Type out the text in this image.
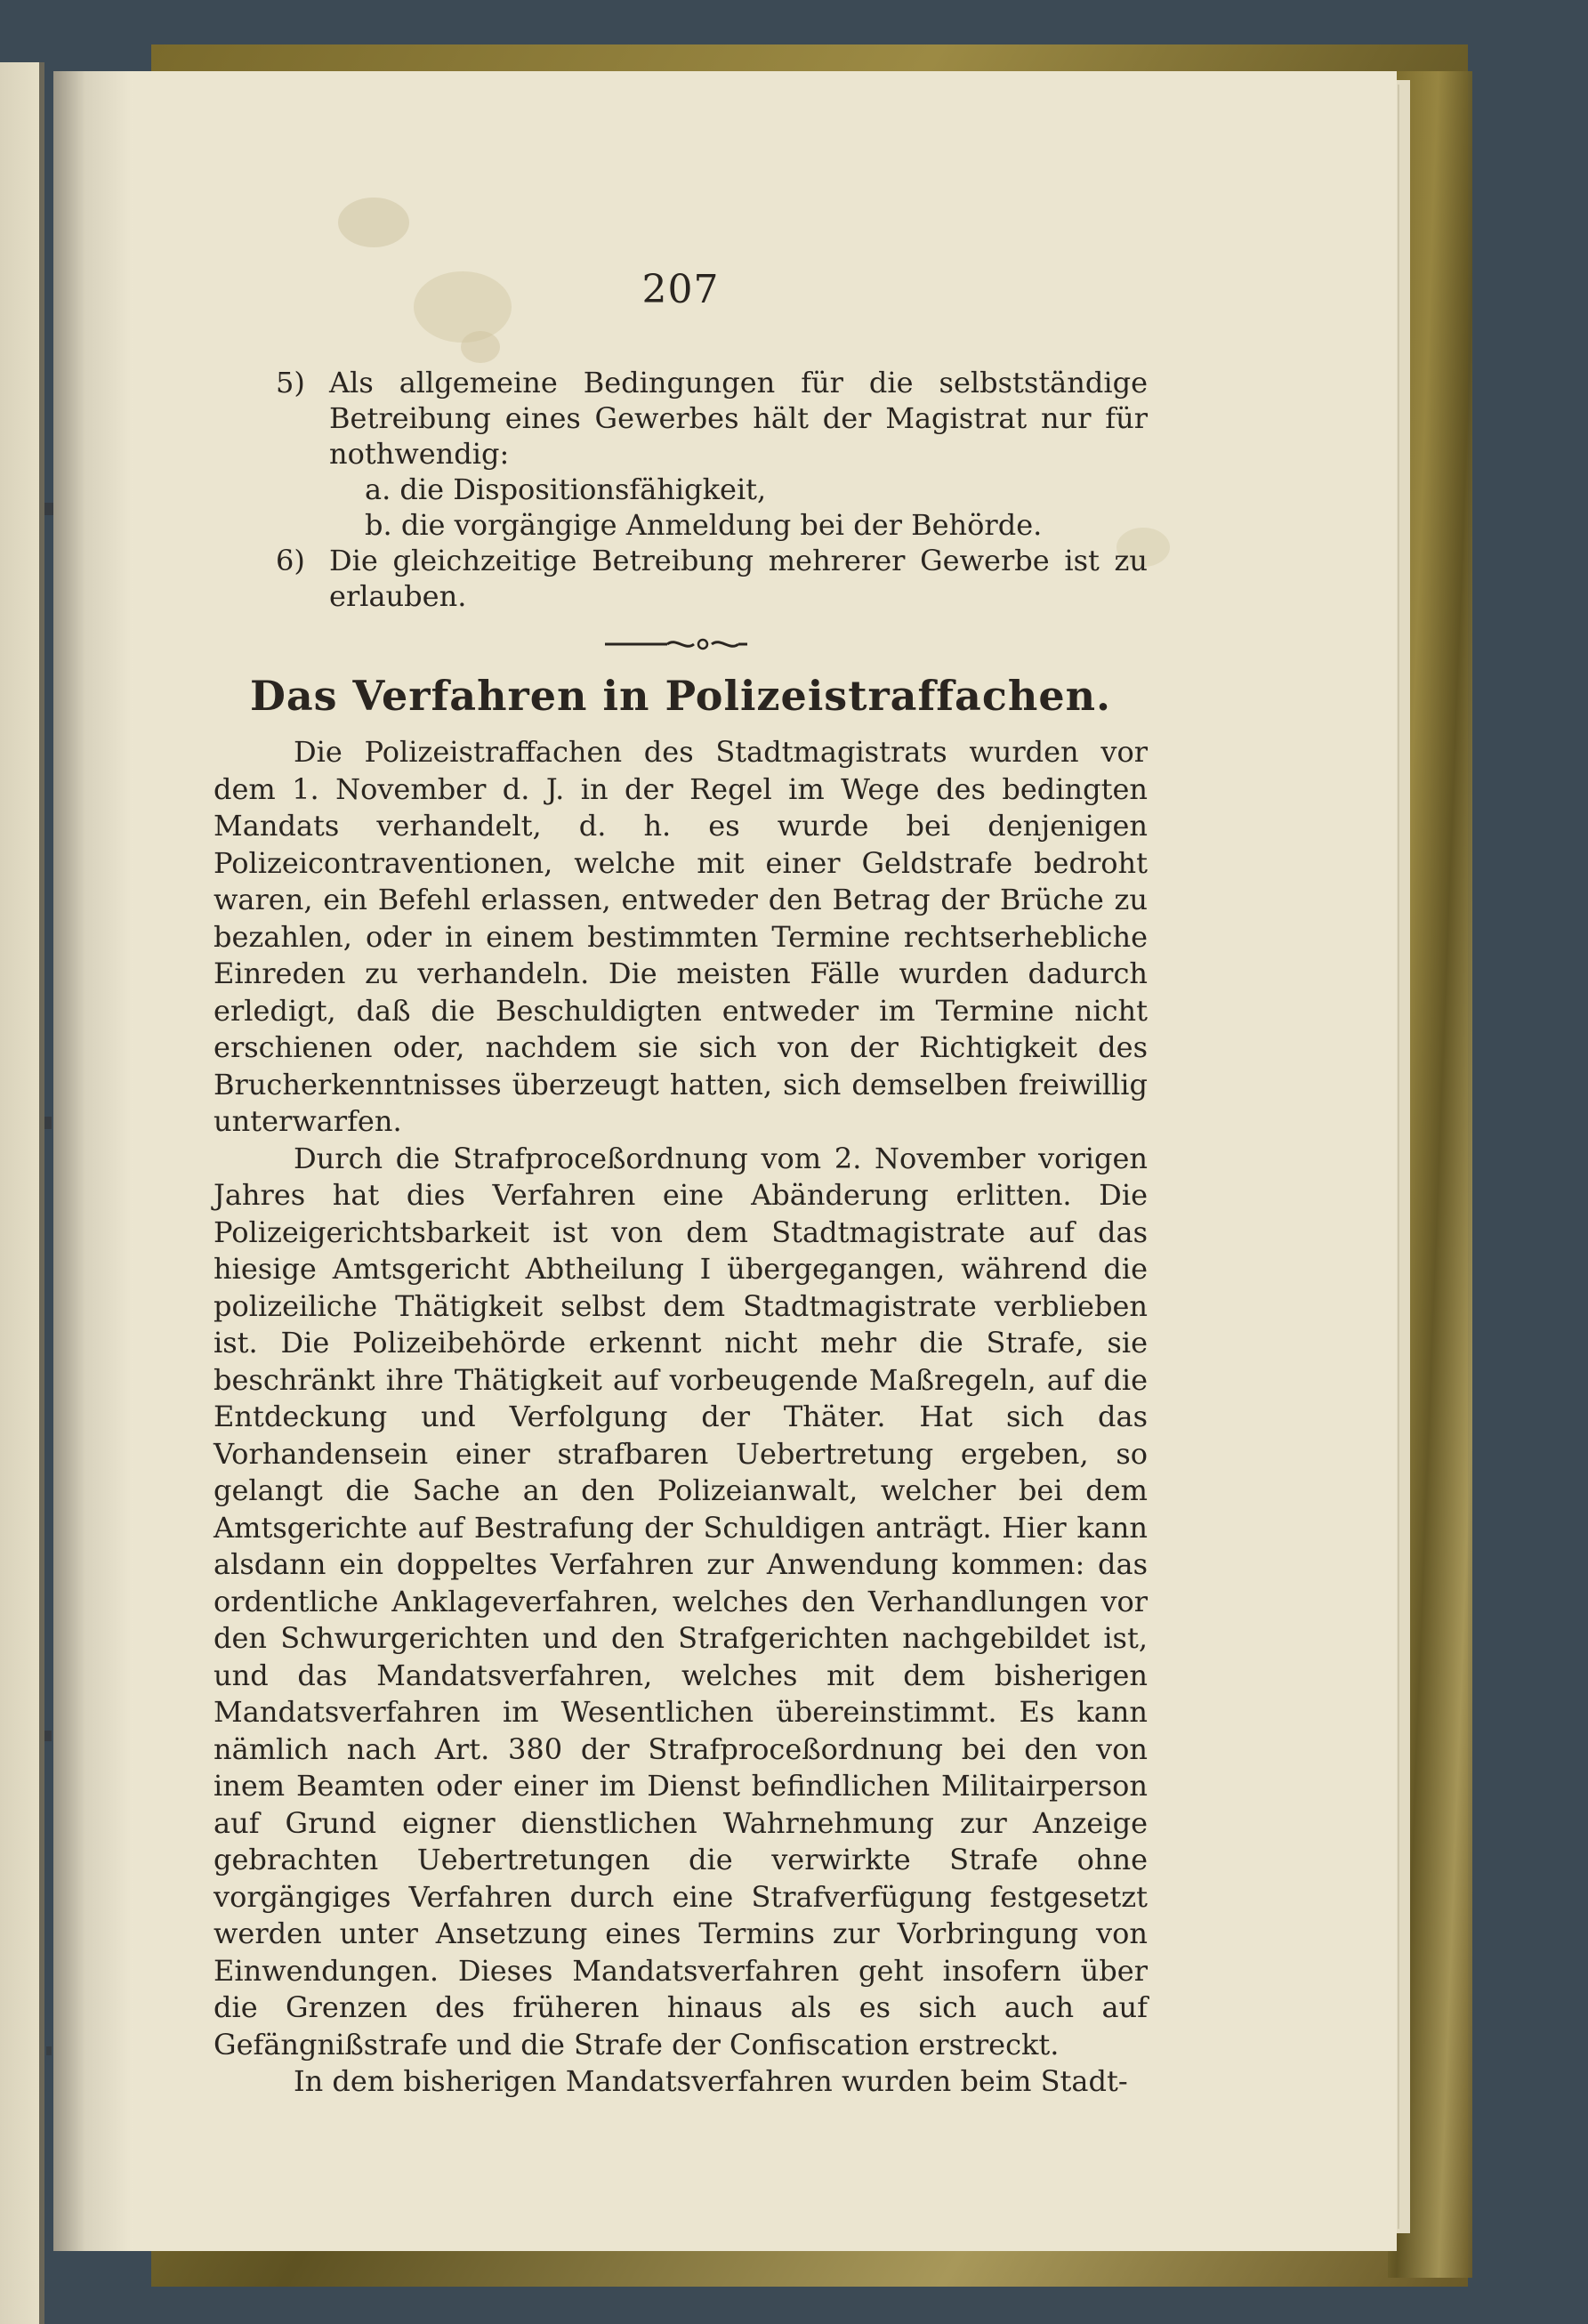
207
5) Als allgemeine Bedingungen für die selbstständige Betreibung eines Gewerbes hält der Magistrat nur für nothwendig:
a. die Dispositionsfähigkeit,
b. die vorgängige Anmeldung bei der Behörde.
6) Die gleichzeitige Betreibung mehrerer Gewerbe ist zu erlauben.
Das Verfahren in Polizeistraffachen.

Die Polizeistraffachen des Stadtmagistrats wurden vor dem 1. November d. J. in der Regel im Wege des bedingten Mandats verhandelt, d. h. es wurde bei denjenigen Polizeicontraventionen, welche mit einer Geldstrafe bedroht waren, ein Befehl erlassen, entweder den Betrag der Brüche zu bezahlen, oder in einem bestimmten Termine rechtserhebliche Einreden zu verhandeln. Die meisten Fälle wurden dadurch erledigt, daß die Beschuldigten entweder im Termine nicht erschienen oder, nachdem sie sich von der Richtigkeit des Brucherkenntnisses überzeugt hatten, sich demselben freiwillig unterwarfen.

Durch die Strafproceßordnung vom 2. November vorigen Jahres hat dies Verfahren eine Abänderung erlitten. Die Polizeigerichtsbarkeit ist von dem Stadtmagistrate auf das hiesige Amtsgericht Abtheilung I übergegangen, während die polizeiliche Thätigkeit selbst dem Stadtmagistrate verblieben ist. Die Polizeibehörde erkennt nicht mehr die Strafe, sie beschränkt ihre Thätigkeit auf vorbeugende Maßregeln, auf die Entdeckung und Verfolgung der Thäter. Hat sich das Vorhandensein einer strafbaren Uebertretung ergeben, so gelangt die Sache an den Polizeianwalt, welcher bei dem Amtsgerichte auf Bestrafung der Schuldigen anträgt. Hier kann alsdann ein doppeltes Verfahren zur Anwendung kommen: das ordentliche Anklageverfahren, welches den Verhandlungen vor den Schwurgerichten und den Strafgerichten nachgebildet ist, und das Mandatsverfahren, welches mit dem bisherigen Mandatsverfahren im Wesentlichen übereinstimmt. Es kann nämlich nach Art. 380 der Strafproceßordnung bei den von inem Beamten oder einer im Dienst befindlichen Militairperson auf Grund eigner dienstlichen Wahrnehmung zur Anzeige gebrachten Uebertretungen die verwirkte Strafe ohne vorgängiges Verfahren durch eine Strafverfügung festgesetzt werden unter Ansetzung eines Termins zur Vorbringung von Einwendungen. Dieses Mandatsverfahren geht insofern über die Grenzen des früheren hinaus als es sich auch auf Gefängnißstrafe und die Strafe der Confiscation erstreckt.

In dem bisherigen Mandatsverfahren wurden beim Stadt-
